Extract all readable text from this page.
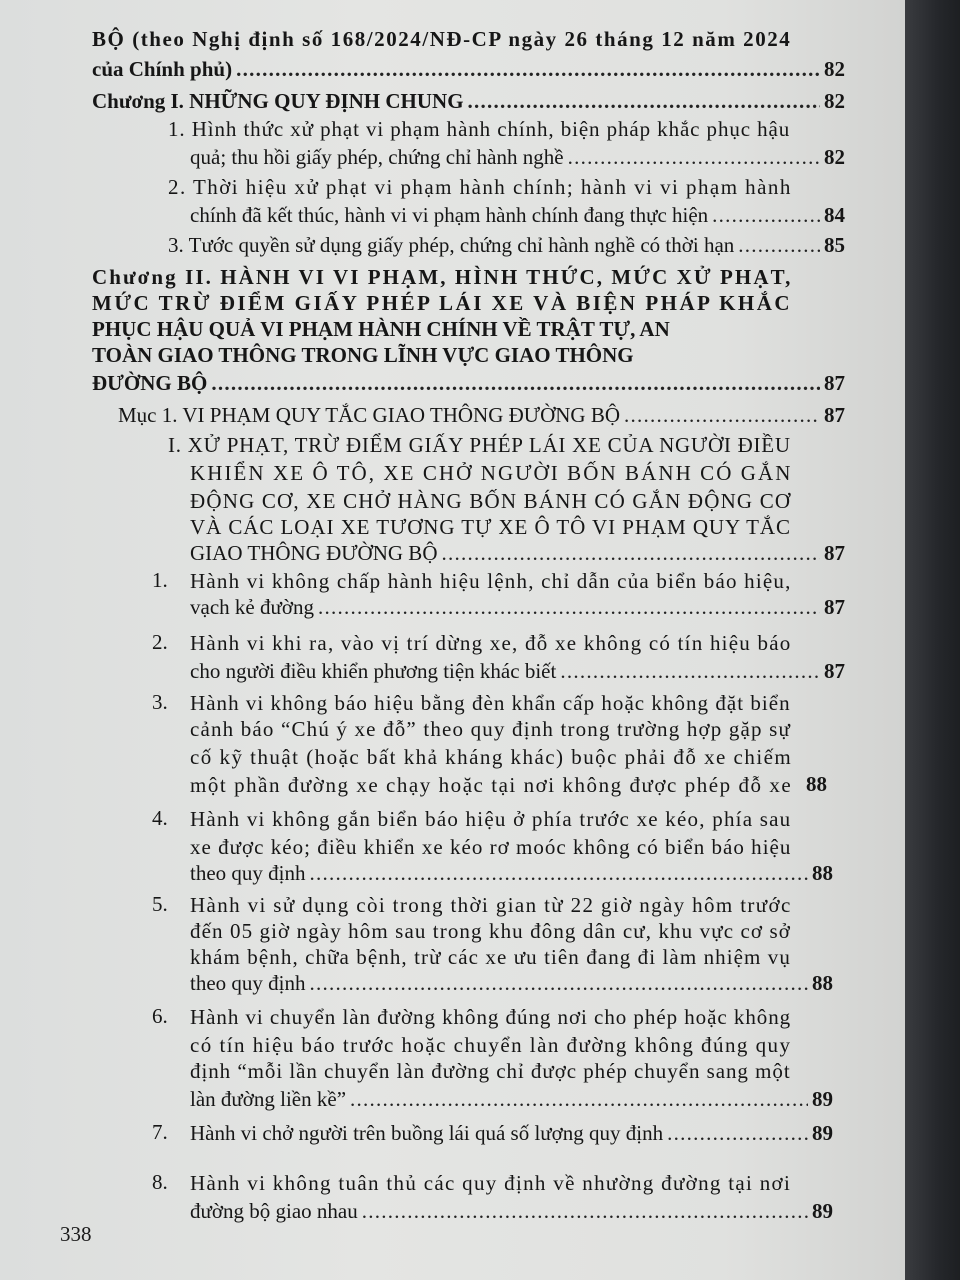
BỘ (theo Nghị định số 168/2024/NĐ-CP ngày 26 tháng 12 năm 2024
của Chính phủ) . . .	82
Chương I. NHỮNG QUY ĐỊNH CHUNG . . .	82
1. Hình thức xử phạt vi phạm hành chính, biện pháp khắc phục hậu
quả; thu hồi giấy phép, chứng chỉ hành nghề . . .	82
2. Thời hiệu xử phạt vi phạm hành chính; hành vi vi phạm hành
chính đã kết thúc, hành vi vi phạm hành chính đang thực hiện . . .	84
3. Tước quyền sử dụng giấy phép, chứng chỉ hành nghề có thời hạn . . .	85
Chương II. HÀNH VI VI PHẠM, HÌNH THỨC, MỨC XỬ PHẠT,
MỨC TRỪ ĐIỂM GIẤY PHÉP LÁI XE VÀ BIỆN PHÁP KHẮC
PHỤC HẬU QUẢ VI PHẠM HÀNH CHÍNH VỀ TRẬT TỰ, AN
TOÀN GIAO THÔNG TRONG LĨNH VỰC GIAO THÔNG
ĐƯỜNG BỘ . . .	87
Mục 1. VI PHẠM QUY TẮC GIAO THÔNG ĐƯỜNG BỘ . . .	87
I. XỬ PHẠT, TRỪ ĐIỂM GIẤY PHÉP LÁI XE CỦA NGƯỜI ĐIỀU
KHIỂN XE Ô TÔ, XE CHỞ NGƯỜI BỐN BÁNH CÓ GẮN
ĐỘNG CƠ, XE CHỞ HÀNG BỐN BÁNH CÓ GẮN ĐỘNG CƠ
VÀ CÁC LOẠI XE TƯƠNG TỰ XE Ô TÔ VI PHẠM QUY TẮC
GIAO THÔNG ĐƯỜNG BỘ . . .	87
1. Hành vi không chấp hành hiệu lệnh, chỉ dẫn của biển báo hiệu,
vạch kẻ đường . . .	87
2. Hành vi khi ra, vào vị trí dừng xe, đỗ xe không có tín hiệu báo
cho người điều khiển phương tiện khác biết . . .	87
3. Hành vi không báo hiệu bằng đèn khẩn cấp hoặc không đặt biển
cảnh báo “Chú ý xe đỗ” theo quy định trong trường hợp gặp sự
cố kỹ thuật (hoặc bất khả kháng khác) buộc phải đỗ xe chiếm
một phần đường xe chạy hoặc tại nơi không được phép đỗ xe 88
4. Hành vi không gắn biển báo hiệu ở phía trước xe kéo, phía sau
xe được kéo; điều khiển xe kéo rơ moóc không có biển báo hiệu
theo quy định . . .	88
5. Hành vi sử dụng còi trong thời gian từ 22 giờ ngày hôm trước
đến 05 giờ ngày hôm sau trong khu đông dân cư, khu vực cơ sở
khám bệnh, chữa bệnh, trừ các xe ưu tiên đang đi làm nhiệm vụ
theo quy định . . .	88
6. Hành vi chuyển làn đường không đúng nơi cho phép hoặc không
có tín hiệu báo trước hoặc chuyển làn đường không đúng quy
định “mỗi lần chuyển làn đường chỉ được phép chuyển sang một
làn đường liền kề” . . .	89
7. Hành vi chở người trên buồng lái quá số lượng quy định . . .	89
8. Hành vi không tuân thủ các quy định về nhường đường tại nơi
đường bộ giao nhau . . .	89
338
